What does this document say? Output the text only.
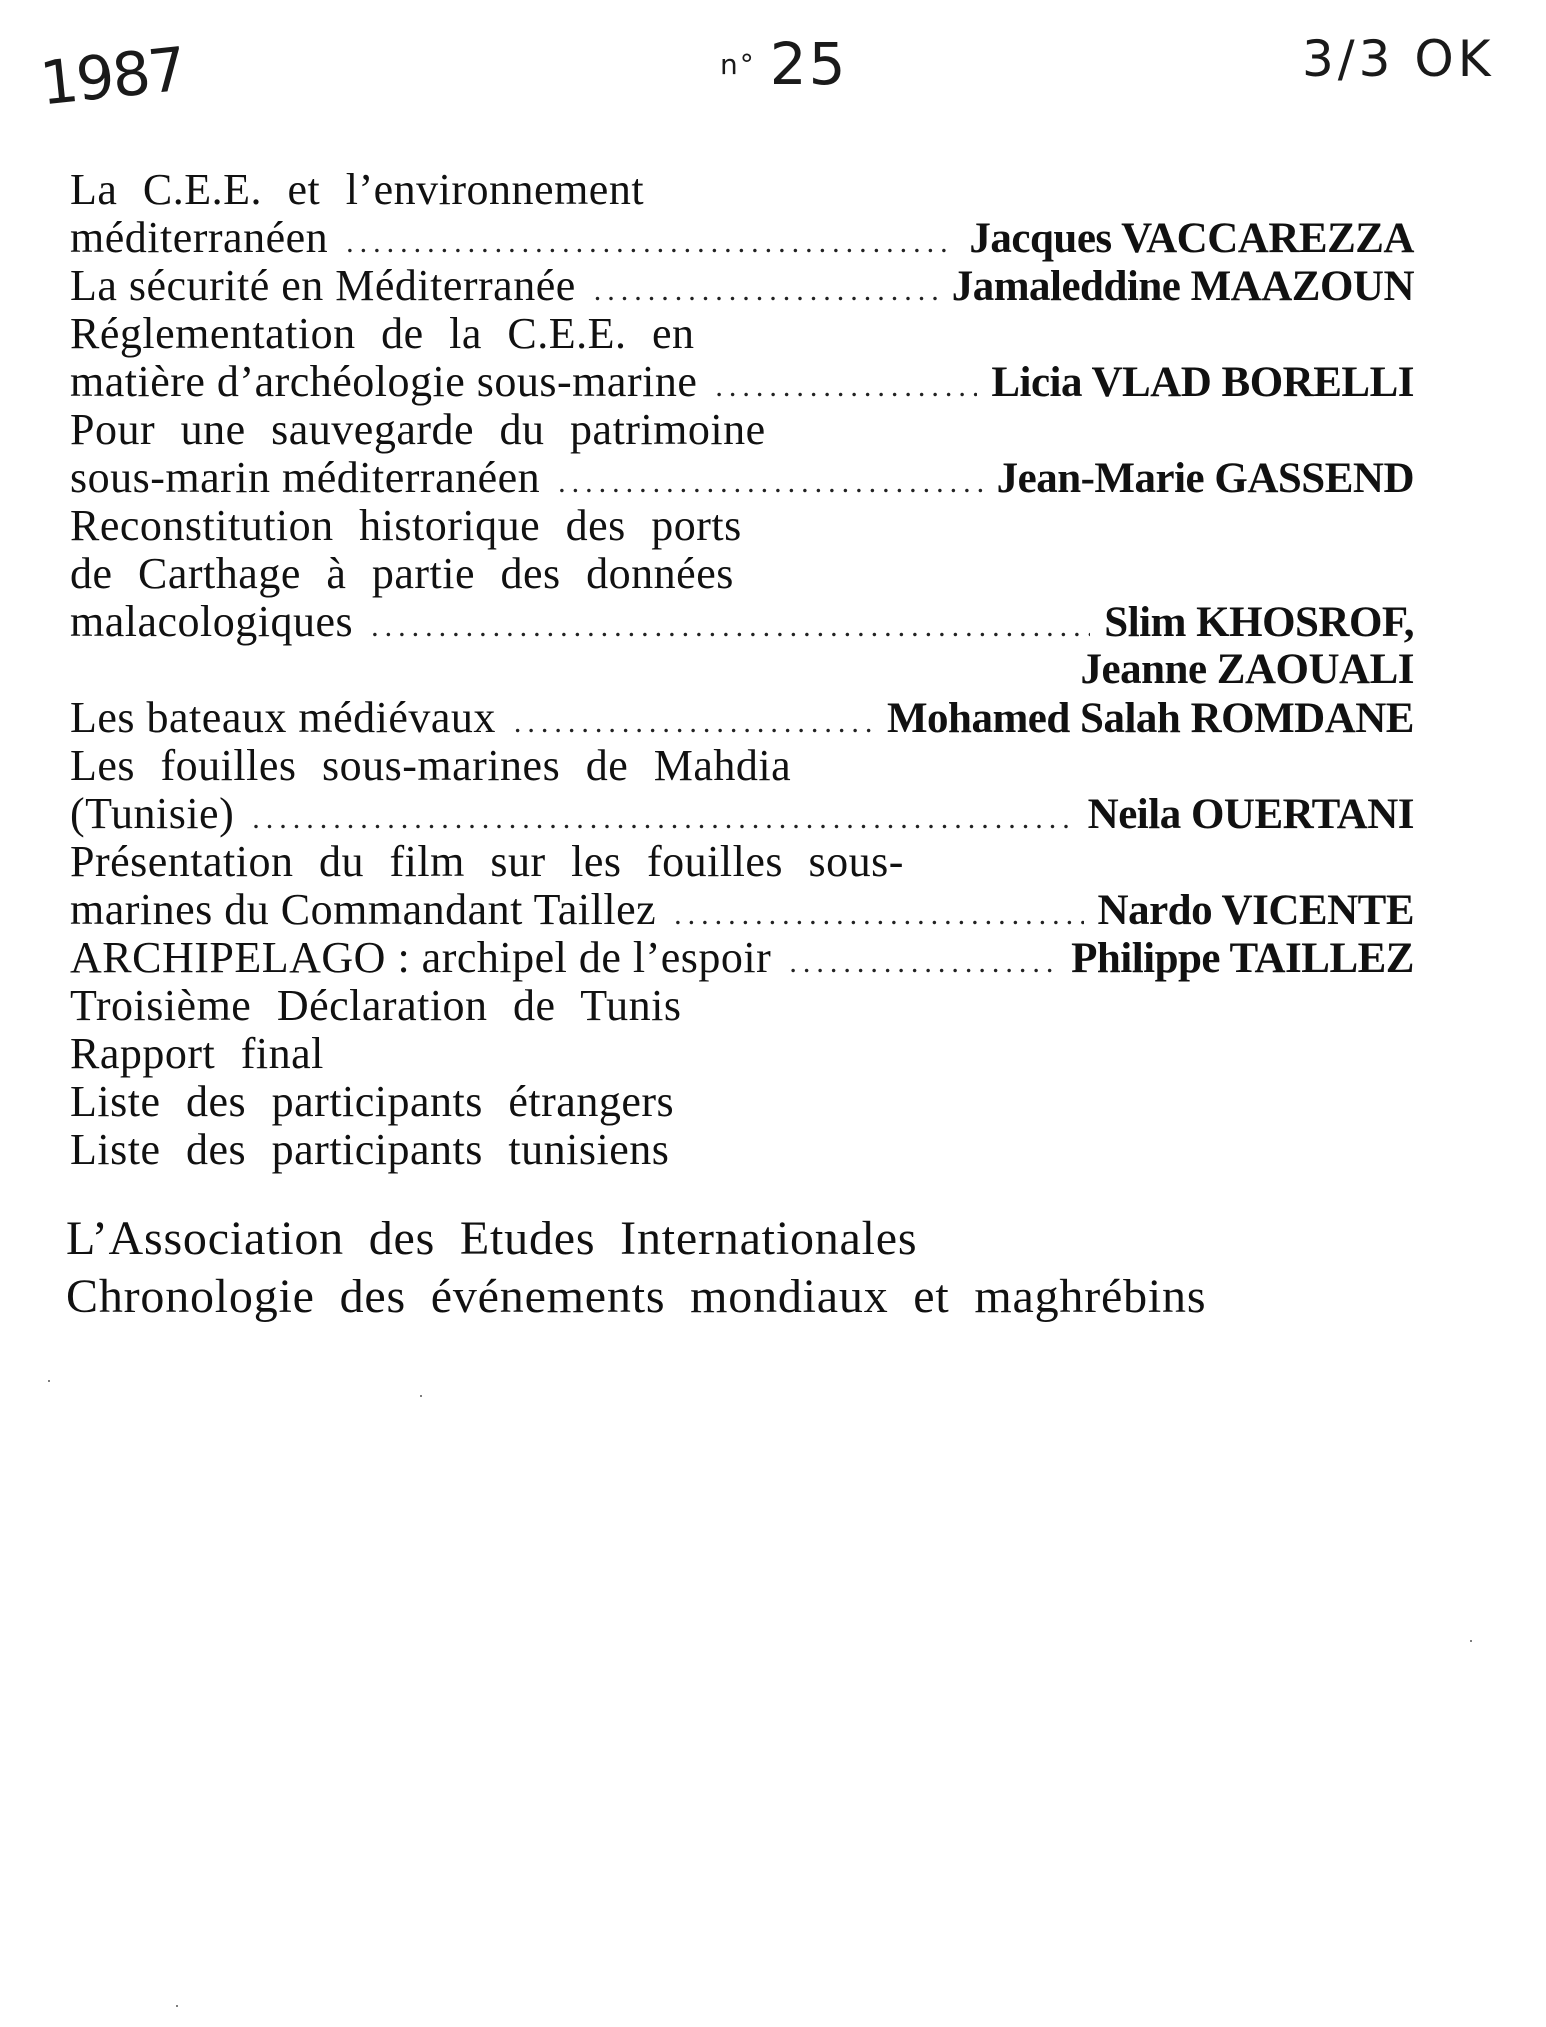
1987	n° 25	3/3 OK
La C.E.E. et l’environnement
méditerranéen .....	Jacques VACCAREZZA
La sécurité en Méditerranée .....	Jamaleddine MAAZOUN
Réglementation de la C.E.E. en
matière d’archéologie sous-marine .....	Licia VLAD BORELLI
Pour une sauvegarde du patrimoine
sous-marin méditerranéen .....	Jean-Marie GASSEND
Reconstitution historique des ports
de Carthage à partie des données
malacologiques .....	Slim KHOSROF,
Jeanne ZAOUALI
Les bateaux médiévaux .....	Mohamed Salah ROMDANE
Les fouilles sous-marines de Mahdia
(Tunisie) .....	Neila OUERTANI
Présentation du film sur les fouilles sous-
marines du Commandant Taillez .....	Nardo VICENTE
ARCHIPELAGO : archipel de l’espoir .....	Philippe TAILLEZ
Troisième Déclaration de Tunis
Rapport final
Liste des participants étrangers
Liste des participants tunisiens
L’Association des Etudes Internationales
Chronologie des événements mondiaux et maghrébins
